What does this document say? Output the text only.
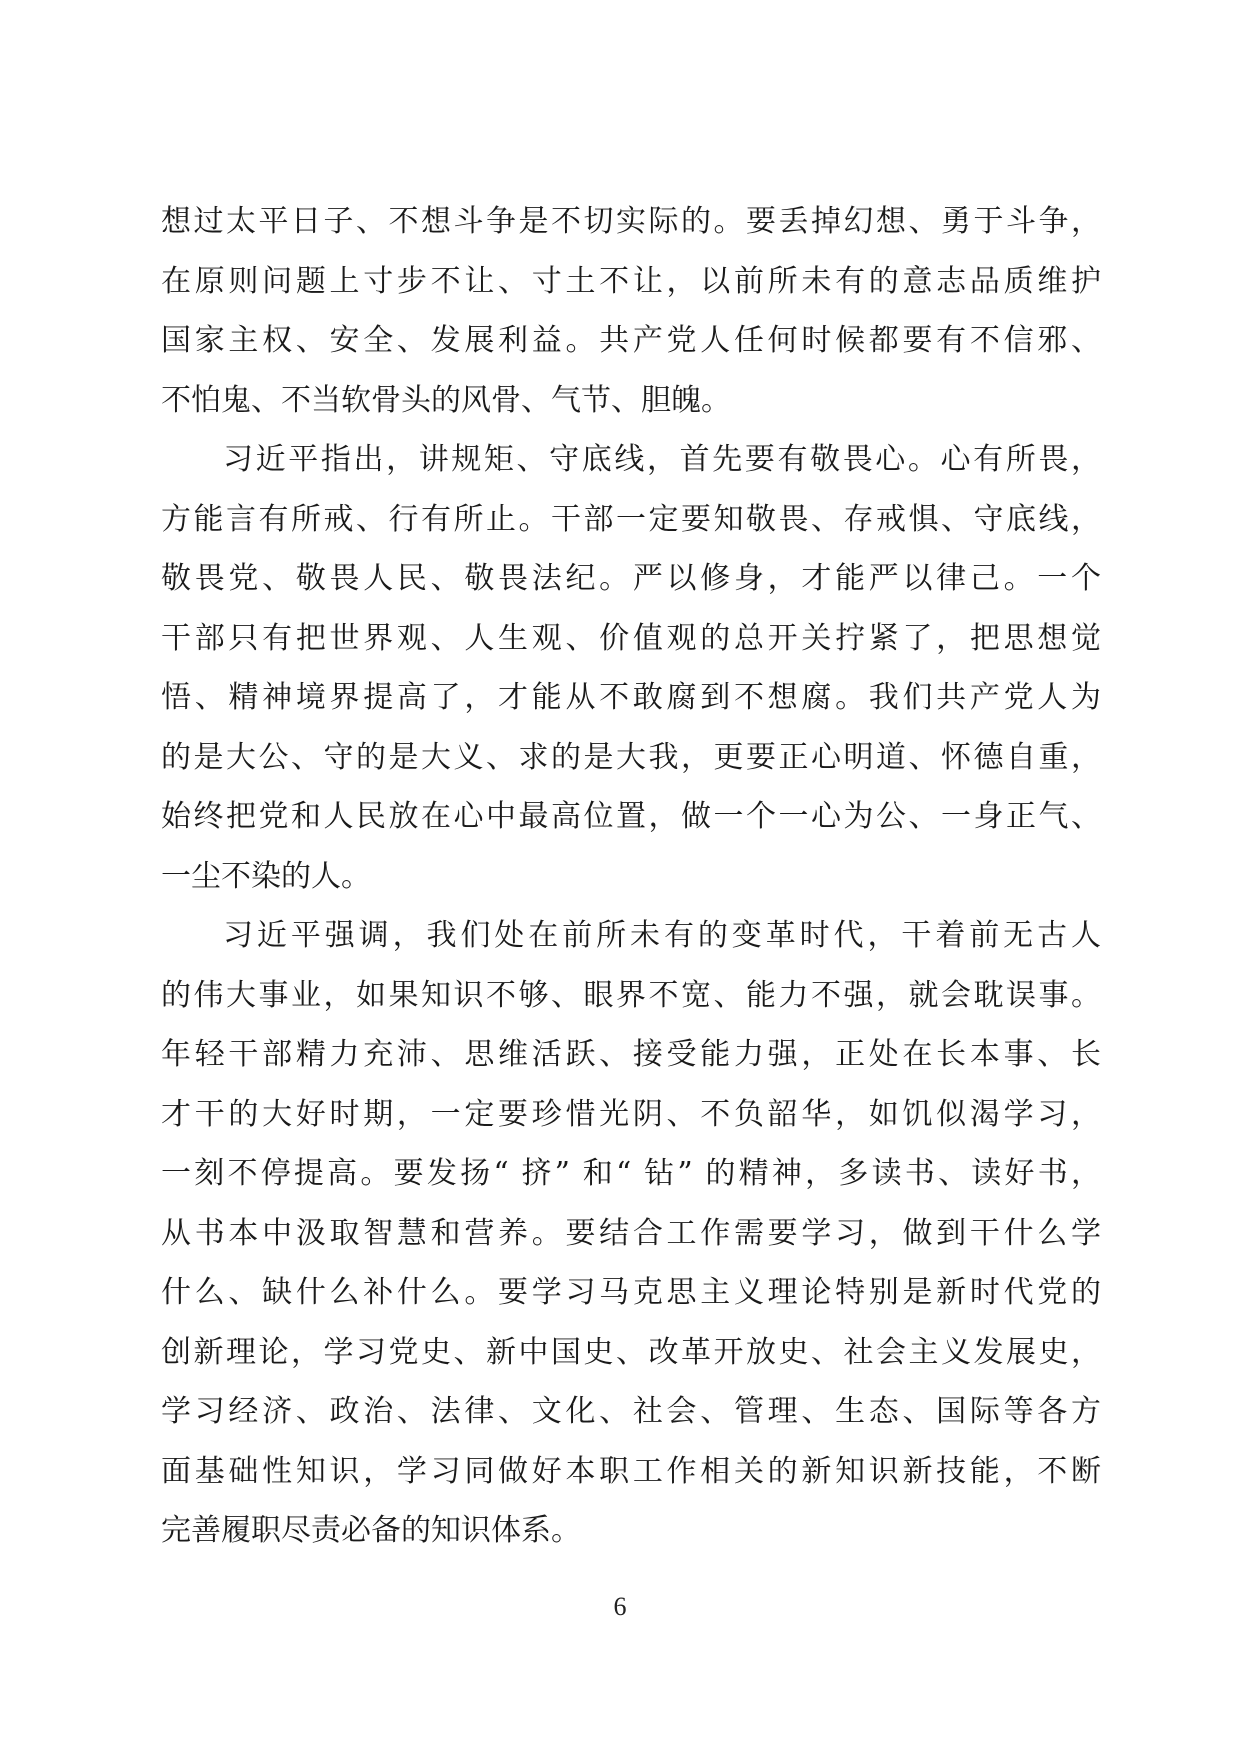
想过太平日子、不想斗争是不切实际的。要丢掉幻想、勇于斗争，
在原则问题上寸步不让、寸土不让，以前所未有的意志品质维护
国家主权、安全、发展利益。共产党人任何时候都要有不信邪、
不怕鬼、不当软骨头的风骨、气节、胆魄。
习近平指出，讲规矩、守底线，首先要有敬畏心。心有所畏，
方能言有所戒、行有所止。干部一定要知敬畏、存戒惧、守底线，
敬畏党、敬畏人民、敬畏法纪。严以修身，才能严以律己。一个
干部只有把世界观、人生观、价值观的总开关拧紧了，把思想觉
悟、精神境界提高了，才能从不敢腐到不想腐。我们共产党人为
的是大公、守的是大义、求的是大我，更要正心明道、怀德自重，
始终把党和人民放在心中最高位置，做一个一心为公、一身正气、
一尘不染的人。
习近平强调，我们处在前所未有的变革时代，干着前无古人
的伟大事业，如果知识不够、眼界不宽、能力不强，就会耽误事。
年轻干部精力充沛、思维活跃、接受能力强，正处在长本事、长
才干的大好时期，一定要珍惜光阴、不负韶华，如饥似渴学习，
一刻不停提高。要发扬“ 挤” 和“ 钻” 的精神，多读书、读好书，
从书本中汲取智慧和营养。要结合工作需要学习，做到干什么学
什么、缺什么补什么。要学习马克思主义理论特别是新时代党的
创新理论，学习党史、新中国史、改革开放史、社会主义发展史，
学习经济、政治、法律、文化、社会、管理、生态、国际等各方
面基础性知识，学习同做好本职工作相关的新知识新技能，不断
完善履职尽责必备的知识体系。
6
